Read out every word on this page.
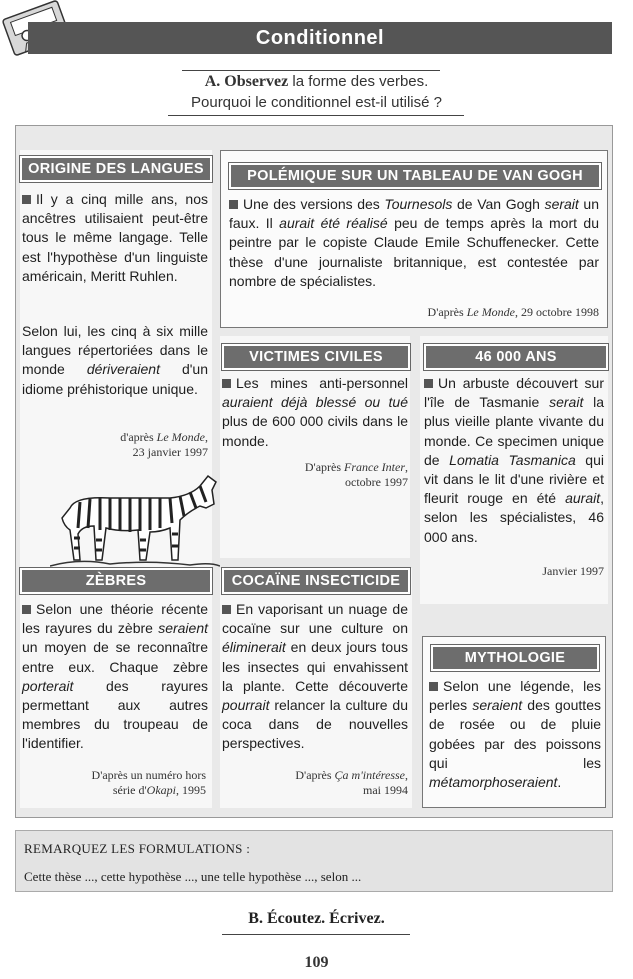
Conditionnel
A. Observez la forme des verbes.
Pourquoi le conditionnel est-il utilisé ?
ORIGINE DES LANGUES
Il y a cinq mille ans, nos ancêtres utilisaient peut-être tous le même langage. Telle est l'hypothèse d'un linguiste américain, Meritt Ruhlen.
Selon lui, les cinq à six mille langues répertoriées dans le monde dériveraient d'un idiome préhistorique unique.
d'après Le Monde,
23 janvier 1997
POLÉMIQUE SUR UN TABLEAU DE VAN GOGH
Une des versions des Tournesols de Van Gogh serait un faux. Il aurait été réalisé peu de temps après la mort du peintre par le copiste Claude Emile Schuffenecker. Cette thèse d'une journaliste britannique, est contestée par nombre de spécialistes.
D'après Le Monde, 29 octobre 1998
VICTIMES CIVILES
Les mines anti-personnel auraient déjà blessé ou tué plus de 600 000 civils dans le monde.
D'après France Inter,
octobre 1997
46 000 ANS
Un arbuste découvert sur l'île de Tasmanie serait la plus vieille plante vivante du monde. Ce specimen unique de Lomatia Tasmanica qui vit dans le lit d'une rivière et fleurit rouge en été aurait, selon les spécialistes, 46 000 ans.
Janvier 1997
ZÈBRES
Selon une théorie récente les rayures du zèbre seraient un moyen de se reconnaître entre eux. Chaque zèbre porterait des rayures permettant aux autres membres du troupeau de l'identifier.
D'après un numéro hors
série d'Okapi, 1995
COCAÏNE INSECTICIDE
En vaporisant un nuage de cocaïne sur une culture on éliminerait en deux jours tous les insectes qui envahissent la plante. Cette découverte pourrait relancer la culture du coca dans de nouvelles perspectives.
D'après Ça m'intéresse,
mai 1994
MYTHOLOGIE
Selon une légende, les perles seraient des gouttes de rosée ou de pluie gobées par des poissons qui les métamorphoseraient.
REMARQUEZ LES FORMULATIONS :
Cette thèse ..., cette hypothèse ..., une telle hypothèse ..., selon ...
B. Écoutez. Écrivez.
109
